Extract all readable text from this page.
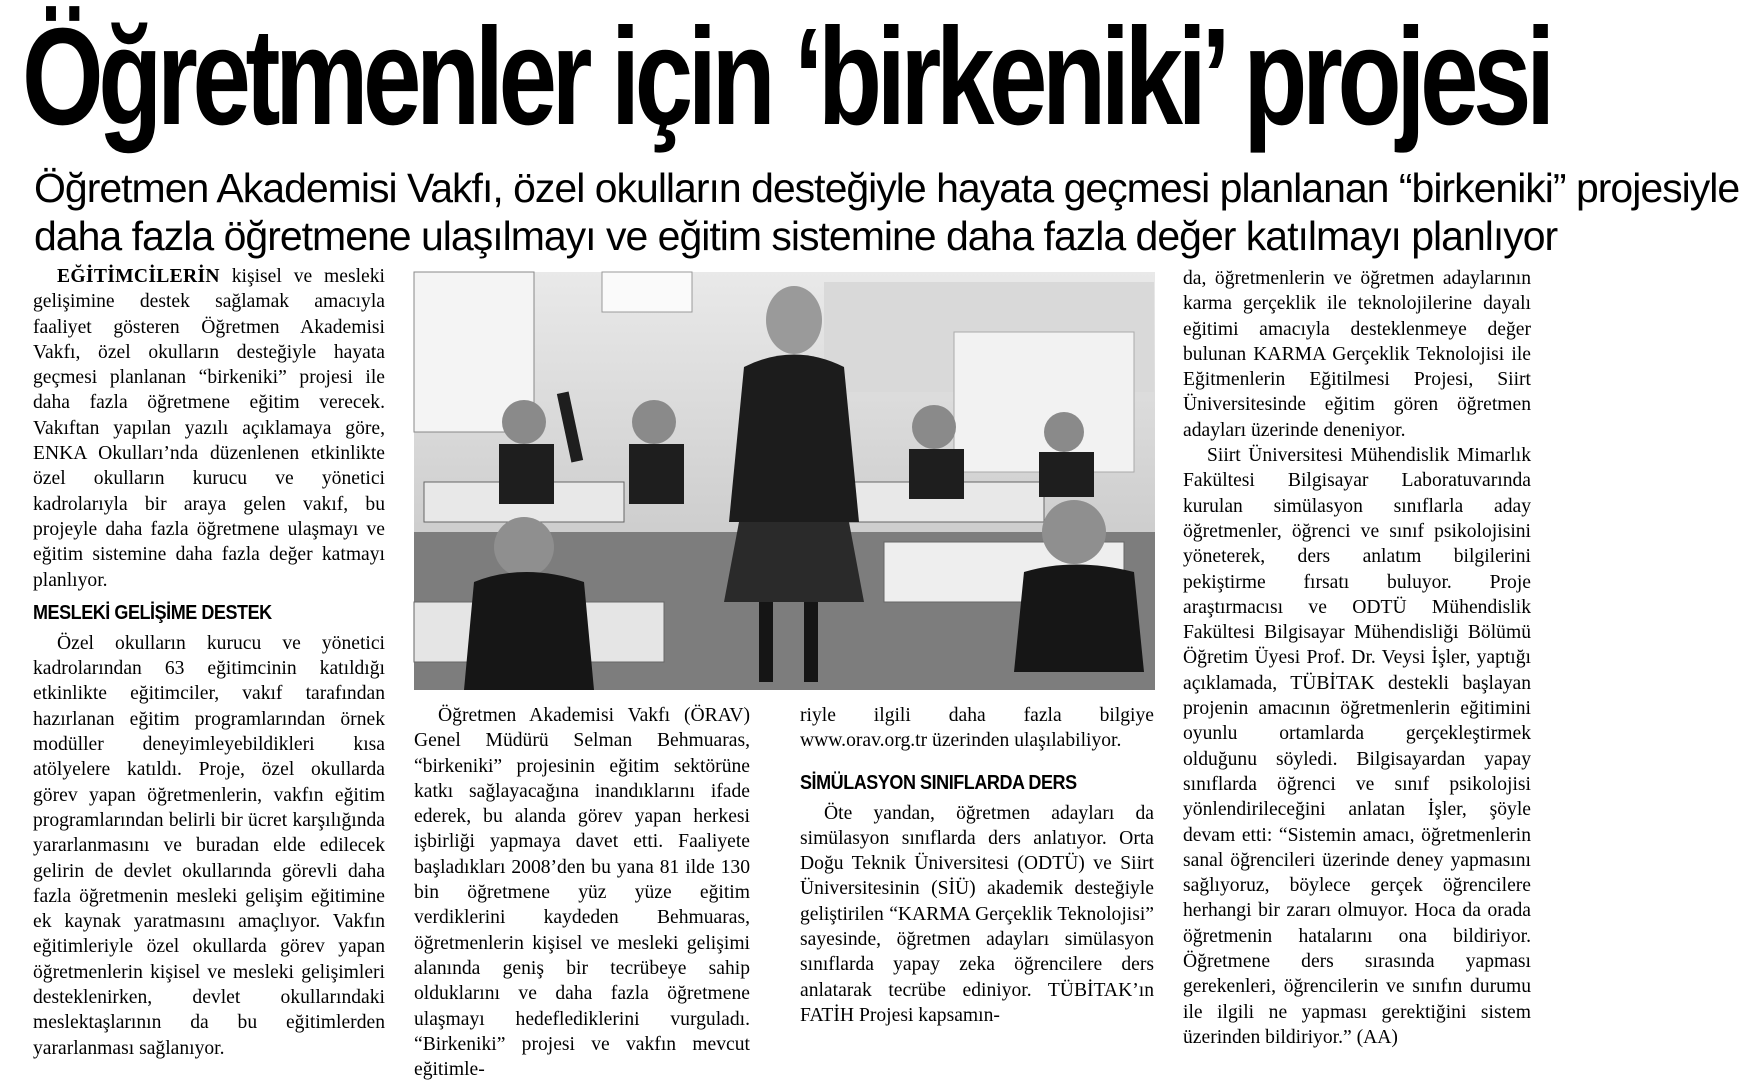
Öğretmenler için ‘birkeniki’ projesi
Öğretmen Akademisi Vakfı, özel okulların desteğiyle hayata geçmesi planlanan “birkeniki” projesiyle
daha fazla öğretmene ulaşılmayı ve eğitim sistemine daha fazla değer katılmayı planlıyor

EĞİTİMCİLERİN kişisel ve mesleki gelişimine destek sağlamak amacıyla faaliyet gösteren Öğretmen Akademisi Vakfı, özel okulların desteğiyle hayata geçmesi planlanan “birkeniki” projesi ile daha fazla öğretmene eğitim verecek. Vakıftan yapılan yazılı açıklamaya göre, ENKA Okulları’nda düzenlenen etkinlikte özel okulların kurucu ve yönetici kadrolarıyla bir araya gelen vakıf, bu projeyle daha fazla öğretmene ulaşmayı ve eğitim sistemine daha fazla değer katmayı planlıyor.

MESLEKİ GELİŞİME DESTEK

Özel okulların kurucu ve yönetici kadrolarından 63 eğitimcinin katıldığı etkinlikte eğitimciler, vakıf tarafından hazırlanan eğitim programlarından örnek modüller deneyimleyebildikleri kısa atölyelere katıldı. Proje, özel okullarda görev yapan öğretmenlerin, vakfın eğitim programlarından belirli bir ücret karşılığında yararlanmasını ve buradan elde edilecek gelirin de devlet okullarında görevli daha fazla öğretmenin mesleki gelişim eğitimine ek kaynak yaratmasını amaçlıyor. Vakfın eğitimleriyle özel okullarda görev yapan öğretmenlerin kişisel ve mesleki gelişimleri desteklenirken, devlet okullarındaki meslektaşlarının da bu eğitimlerden yararlanması sağlanıyor.

Öğretmen Akademisi Vakfı (ÖRAV) Genel Müdürü Selman Behmuaras, “birkeniki” projesinin eğitim sektörüne katkı sağlayacağına inandıklarını ifade ederek, bu alanda görev yapan herkesi işbirliği yapmaya davet etti. Faaliyete başladıkları 2008’den bu yana 81 ilde 130 bin öğretmene yüz yüze eğitim verdiklerini kaydeden Behmuaras, öğretmenlerin kişisel ve mesleki gelişimi alanında geniş bir tecrübeye sahip olduklarını ve daha fazla öğretmene ulaşmayı hedeflediklerini vurguladı. “Birkeniki” projesi ve vakfın mevcut eğitimle-

riyle ilgili daha fazla bilgiye www.orav.org.tr üzerinden ulaşılabiliyor.

SİMÜLASYON SINIFLARDA DERS

Öte yandan, öğretmen adayları da simülasyon sınıflarda ders anlatıyor. Orta Doğu Teknik Üniversitesi (ODTÜ) ve Siirt Üniversitesinin (SİÜ) akademik desteğiyle geliştirilen “KARMA Gerçeklik Teknolojisi” sayesinde, öğretmen adayları simülasyon sınıflarda yapay zeka öğrencilere ders anlatarak tecrübe ediniyor. TÜBİTAK’ın FATİH Projesi kapsamın-

da, öğretmenlerin ve öğretmen adaylarının karma gerçeklik ile teknolojilerine dayalı eğitimi amacıyla desteklenmeye değer bulunan KARMA Gerçeklik Teknolojisi ile Eğitmenlerin Eğitilmesi Projesi, Siirt Üniversitesinde eğitim gören öğretmen adayları üzerinde deneniyor.

Siirt Üniversitesi Mühendislik Mimarlık Fakültesi Bilgisayar Laboratuvarında kurulan simülasyon sınıflarla aday öğretmenler, öğrenci ve sınıf psikolojisini yöneterek, ders anlatım bilgilerini pekiştirme fırsatı buluyor. Proje araştırmacısı ve ODTÜ Mühendislik Fakültesi Bilgisayar Mühendisliği Bölümü Öğretim Üyesi Prof. Dr. Veysi İşler, yaptığı açıklamada, TÜBİTAK destekli başlayan projenin amacının öğretmenlerin eğitimini oyunlu ortamlarda gerçekleştirmek olduğunu söyledi. Bilgisayardan yapay sınıflarda öğrenci ve sınıf psikolojisi yönlendirileceğini anlatan İşler, şöyle devam etti: “Sistemin amacı, öğretmenlerin sanal öğrencileri üzerinde deney yapmasını sağlıyoruz, böylece gerçek öğrencilere herhangi bir zararı olmuyor. Hoca da orada öğretmenin hatalarını ona bildiriyor. Öğretmene ders sırasında yapması gerekenleri, öğrencilerin ve sınıfın durumu ile ilgili ne yapması gerektiğini sistem üzerinden bildiriyor.” (AA)
